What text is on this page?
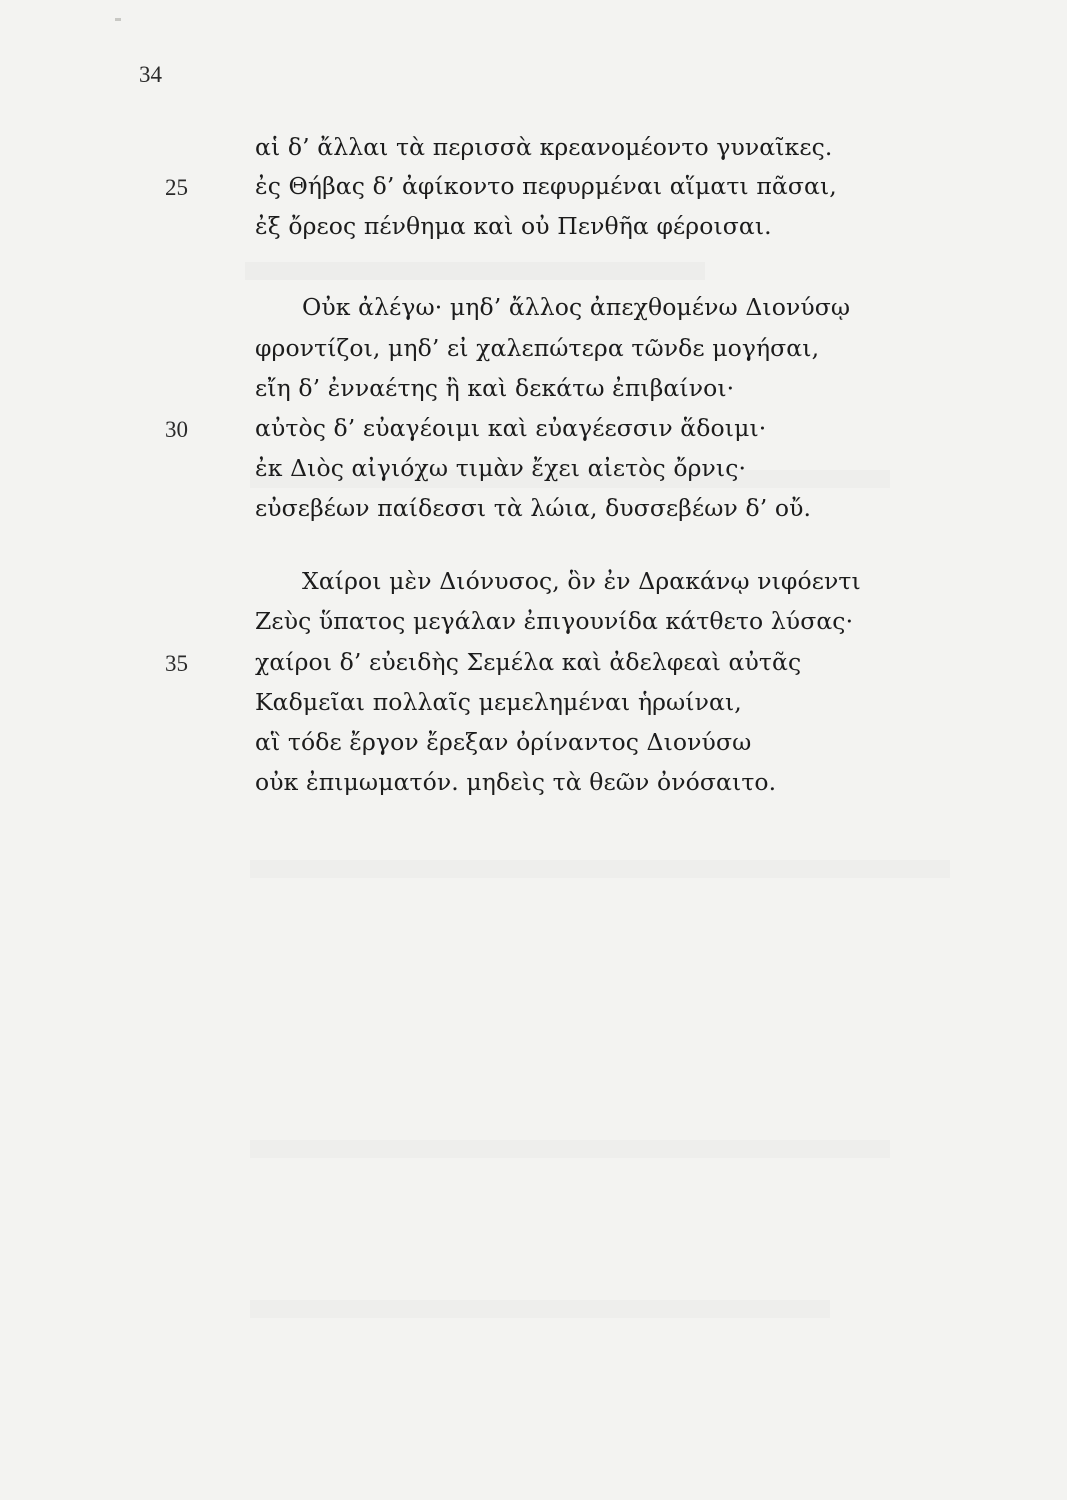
34
αἱ δ’ ἄλλαι τὰ περισσὰ κρεανομέοντο γυναῖκες.
25	ἐς Θήβας δ’ ἀφίκοντο πεφυρμέναι αἵματι πᾶσαι,
ἐξ ὄρεος πένθημα καὶ οὐ Πενθῆα φέροισαι.
Οὐκ ἀλέγω· μηδ’ ἄλλος ἀπεχθομένω Διονύσῳ
φροντίζοι, μηδ’ εἰ χαλεπώτερα τῶνδε μογήσαι,
εἴη δ’ ἐνναέτης ἢ καὶ δεκάτω ἐπιβαίνοι·
30	αὐτὸς δ’ εὐαγέοιμι καὶ εὐαγέεσσιν ἅδοιμι·
ἐκ Διὸς αἰγιόχω τιμὰν ἔχει αἰετὸς ὄρνις·
εὐσεβέων παίδεσσι τὰ λώια, δυσσεβέων δ’ οὔ.
Χαίροι μὲν Διόνυσος, ὃν ἐν Δρακάνῳ νιφόεντι
Ζεὺς ὕπατος μεγάλαν ἐπιγουνίδα κάτθετο λύσας·
35	χαίροι δ’ εὐειδὴς Σεμέλα καὶ ἀδελφεαὶ αὐτᾶς
Καδμεῖαι πολλαῖς μεμελημέναι ἡρωίναι,
αἳ τόδε ἔργον ἔρεξαν ὀρίναντος Διονύσω
οὐκ ἐπιμωματόν. μηδεὶς τὰ θεῶν ὀνόσαιτο.
